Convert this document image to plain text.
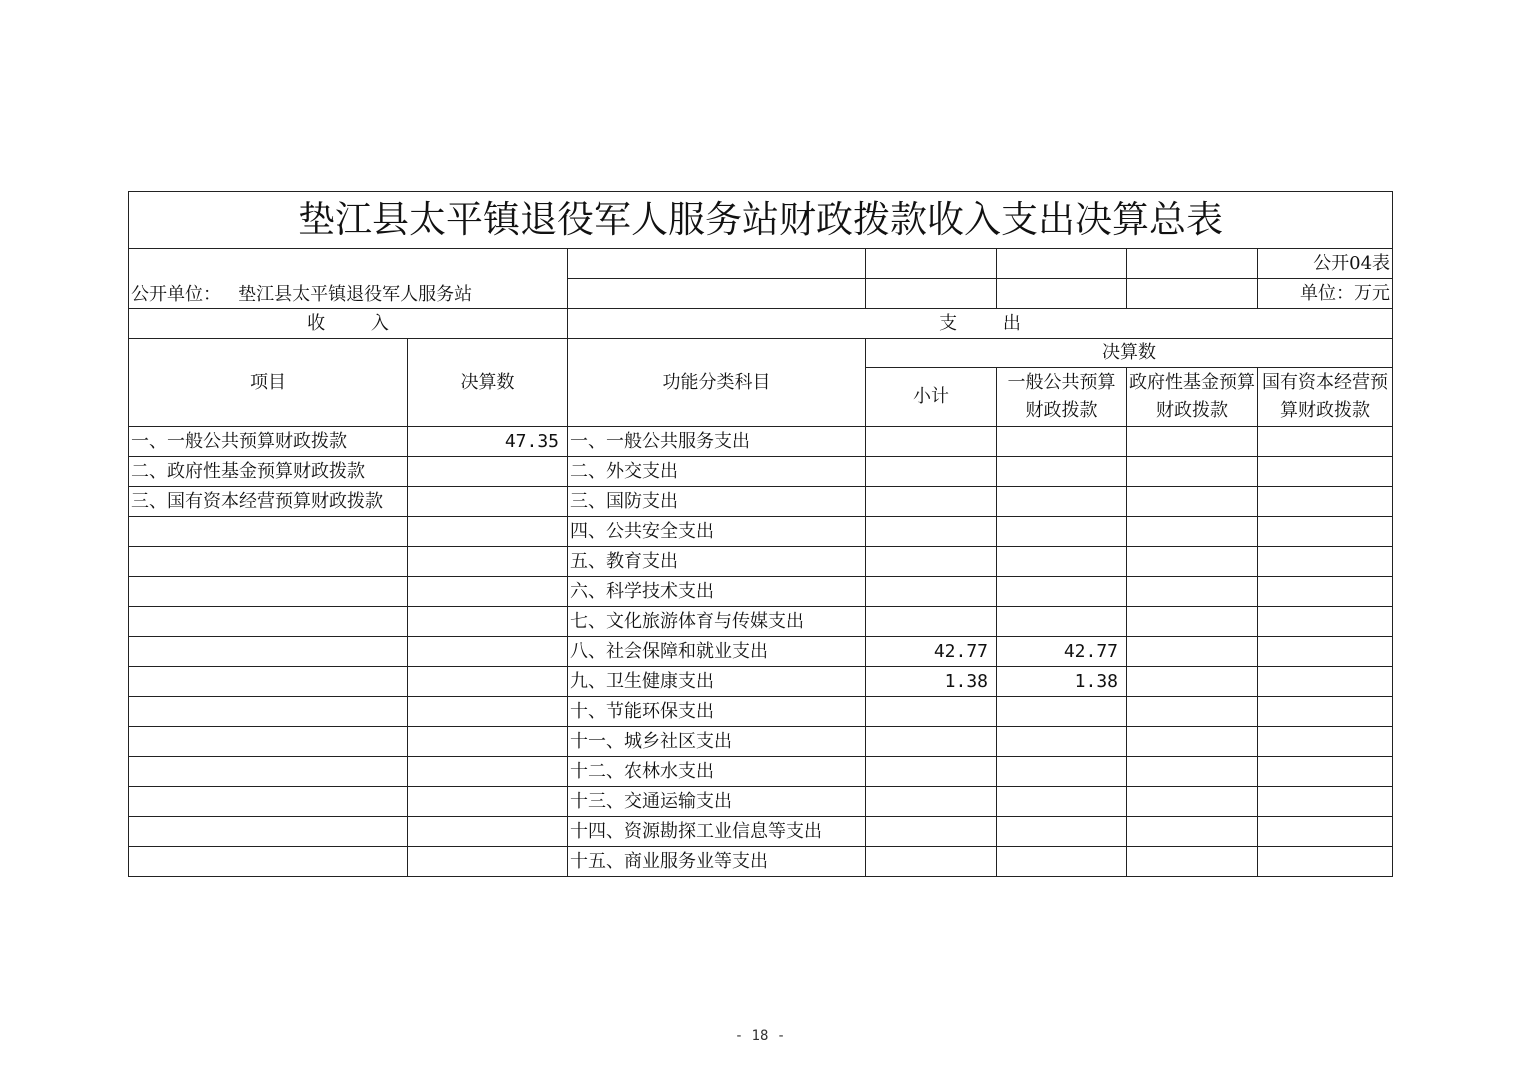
垫江县太平镇退役军人服务站财政拨款收入支出决算总表						
公开单位：   垫江县太平镇退役军人服务站						公开04表
						单位：万元
收        入		支        出				
项目	决算数	功能分类科目	决算数			
			小计	一般公共预算财政拨款	政府性基金预算财政拨款	国有资本经营预算财政拨款
一、一般公共预算财政拨款	47.35	一、一般公共服务支出				
二、政府性基金预算财政拨款		二、外交支出				
三、国有资本经营预算财政拨款		三、国防支出				
		四、公共安全支出				
		五、教育支出				
		六、科学技术支出				
		七、文化旅游体育与传媒支出				
		八、社会保障和就业支出	42.77	42.77		
		九、卫生健康支出	1.38	1.38		
		十、节能环保支出				
		十一、城乡社区支出				
		十二、农林水支出				
		十三、交通运输支出				
		十四、资源勘探工业信息等支出				
		十五、商业服务业等支出				
- 18 -
